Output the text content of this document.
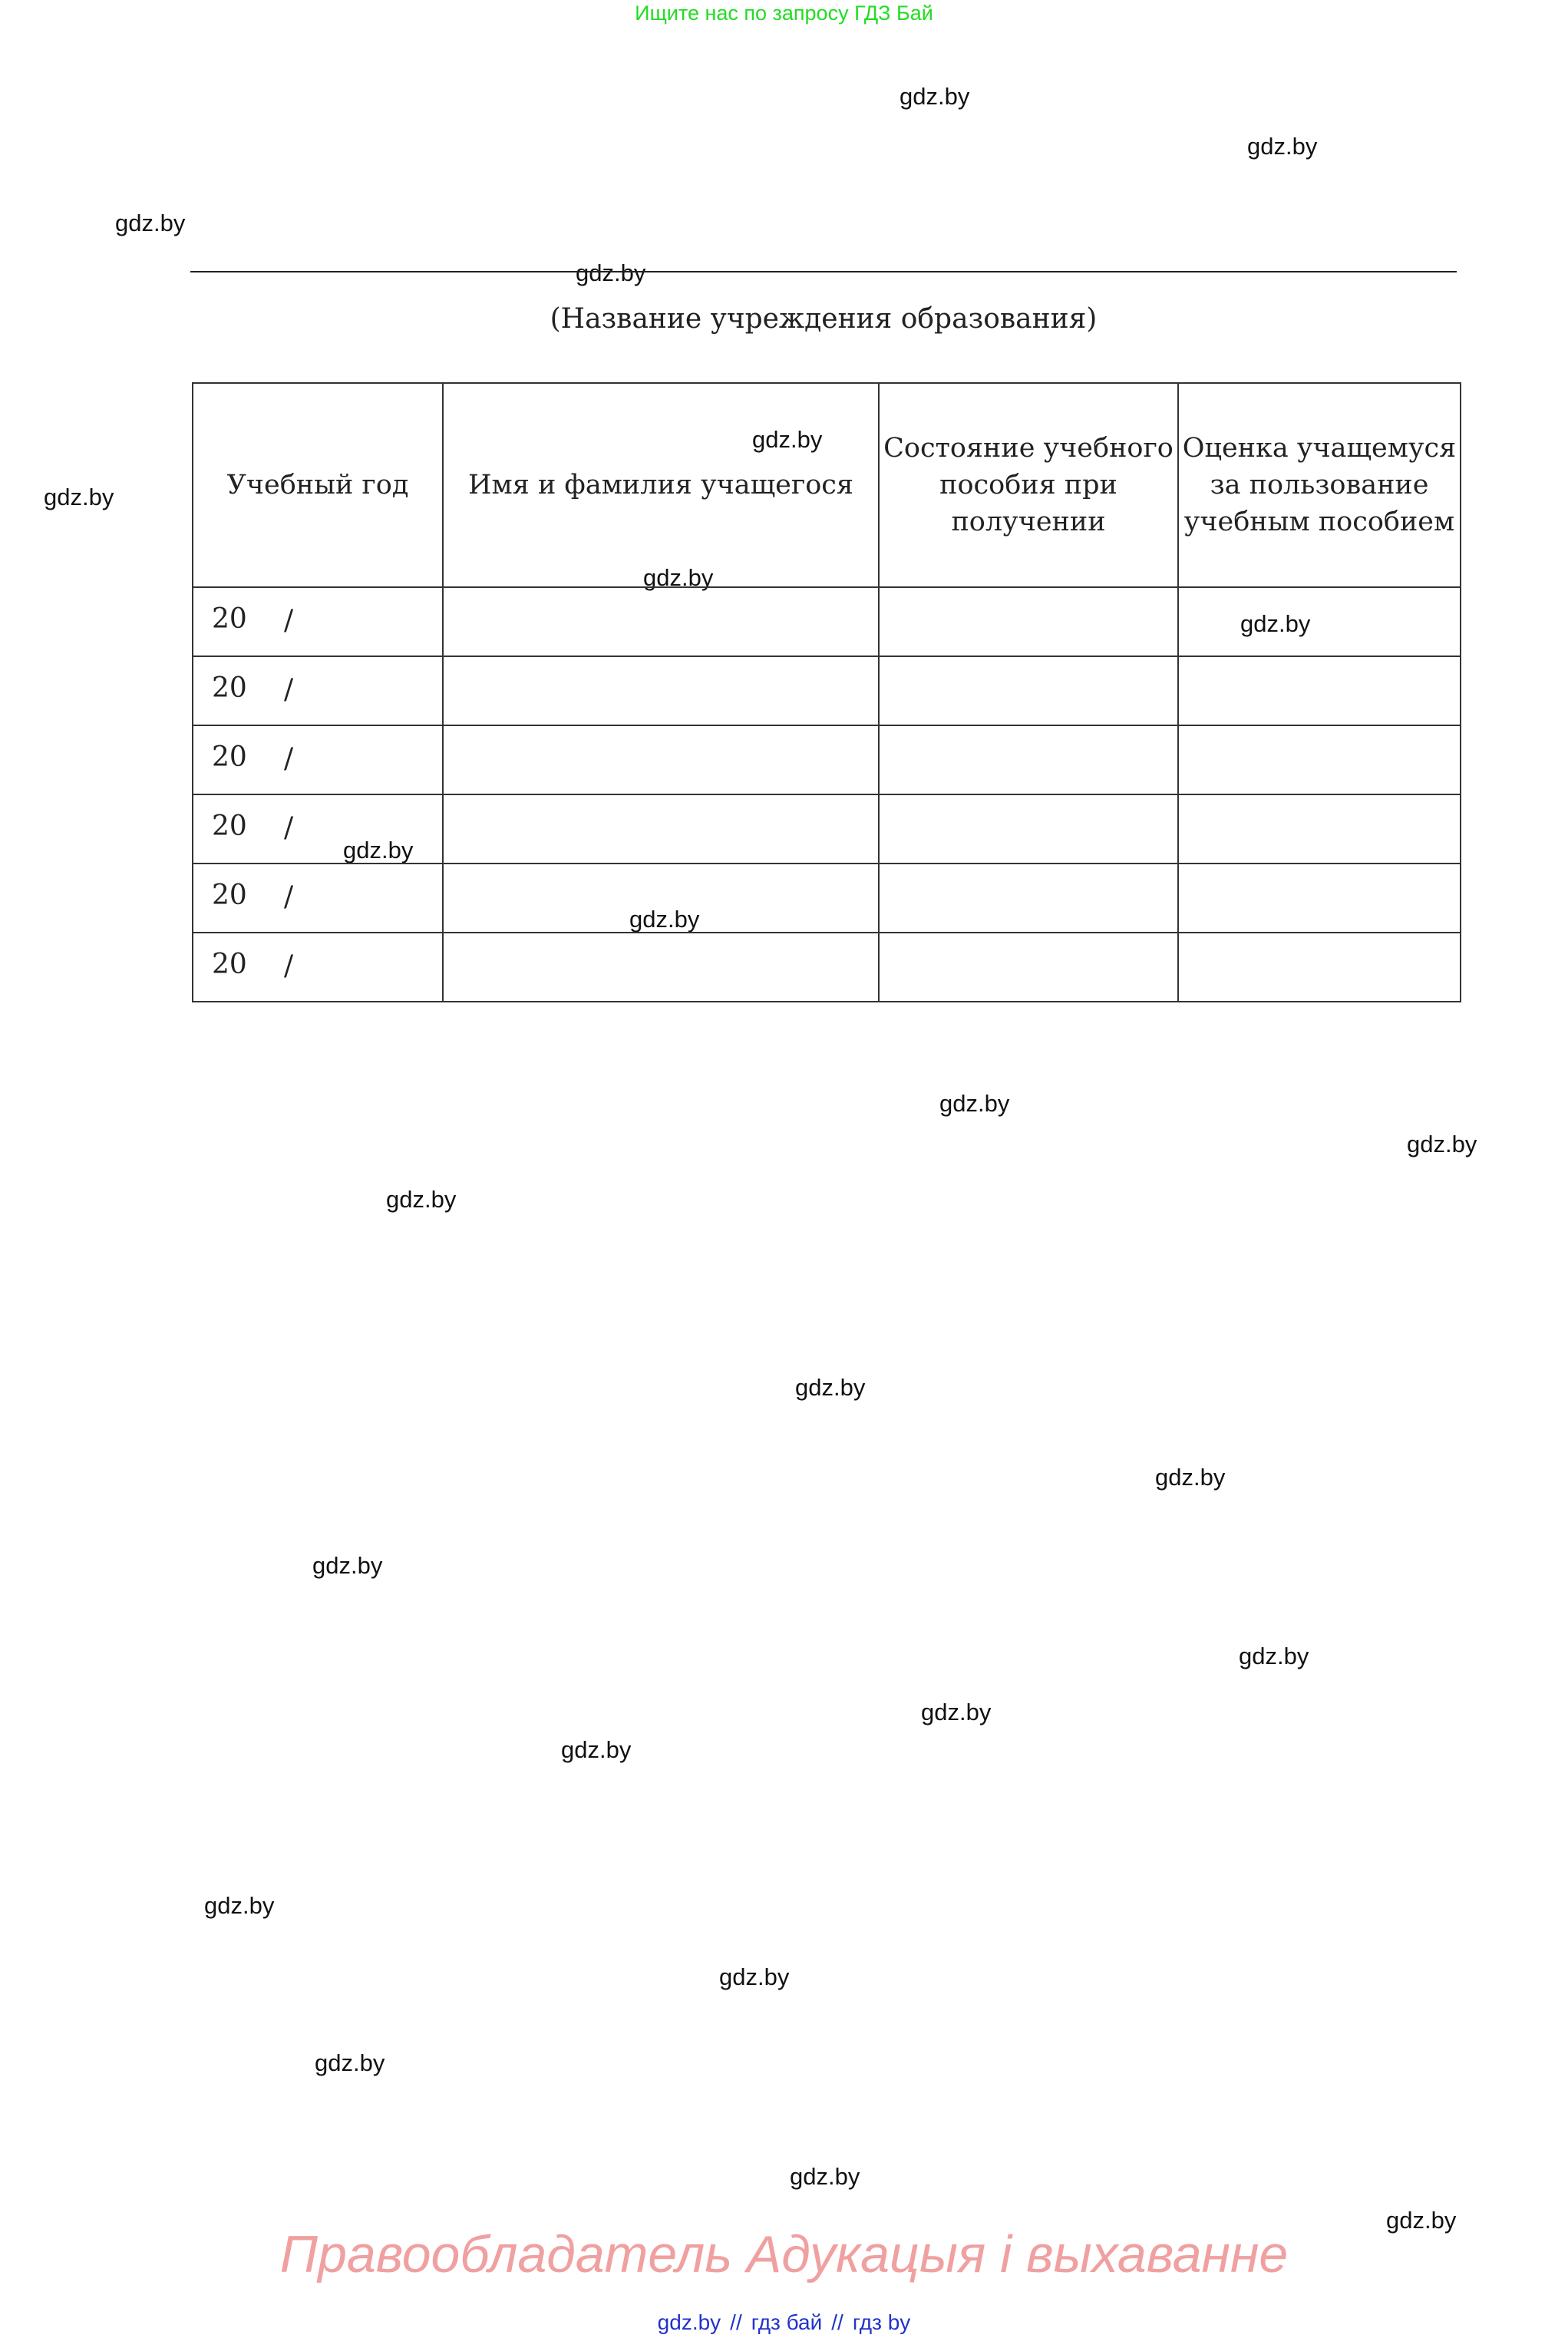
Ищите нас по запросу ГДЗ Бай
gdz.by
gdz.by
gdz.by
gdz.by
gdz.by
gdz.by
gdz.by
gdz.by
gdz.by
gdz.by
gdz.by
gdz.by
gdz.by
gdz.by
gdz.by
gdz.by
gdz.by
gdz.by
gdz.by
gdz.by
gdz.by
gdz.by
gdz.by
gdz.by
(Название учреждения образования)
Учебный год	Имя и фамилия учащегося	Состояние учебного пособия при получении	Оценка учащемуся за пользование учебным пособием

20 /			

20 /			

20 /			

20 /			

20 /			

20 /			

Правообладатель Адукацыя і выхаванне
gdz.by // гдз бай // гдз by
